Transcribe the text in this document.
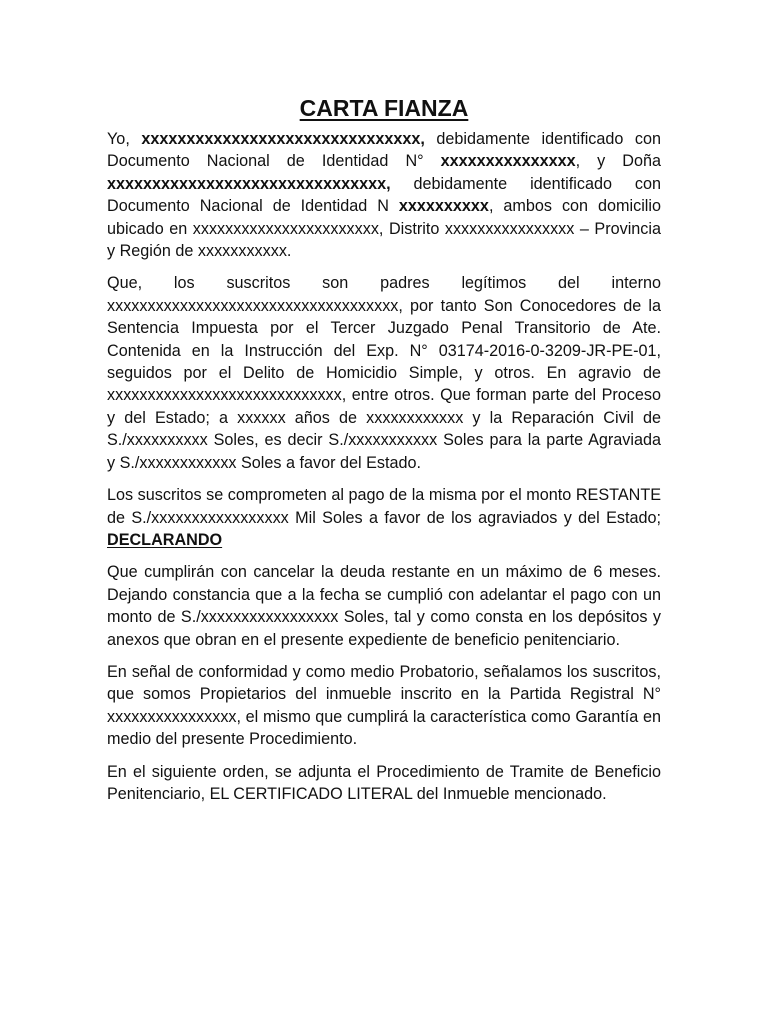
CARTA FIANZA

Yo, xxxxxxxxxxxxxxxxxxxxxxxxxxxxxxx, debidamente identificado con Documento Nacional de Identidad N° xxxxxxxxxxxxxxx, y Doña xxxxxxxxxxxxxxxxxxxxxxxxxxxxxxx, debidamente identificado con Documento Nacional de Identidad N xxxxxxxxxx, ambos con domicilio ubicado en xxxxxxxxxxxxxxxxxxxxxxx, Distrito xxxxxxxxxxxxxxxx – Provincia y Región de xxxxxxxxxxx.

Que, los suscritos son padres legítimos del interno xxxxxxxxxxxxxxxxxxxxxxxxxxxxxxxxxxxx, por tanto Son Conocedores de la Sentencia Impuesta por el Tercer Juzgado Penal Transitorio de Ate. Contenida en la Instrucción del Exp. N° 03174-2016-0-3209-JR-PE-01, seguidos por el Delito de Homicidio Simple, y otros. En agravio de xxxxxxxxxxxxxxxxxxxxxxxxxxxxx, entre otros. Que forman parte del Proceso y del Estado; a xxxxxx años de xxxxxxxxxxxx y la Reparación Civil de S./xxxxxxxxxx Soles, es decir S./xxxxxxxxxxx Soles para la parte Agraviada y S./xxxxxxxxxxxx Soles a favor del Estado.

Los suscritos se comprometen al pago de la misma por el monto RESTANTE de S./xxxxxxxxxxxxxxxxx Mil Soles a favor de los agraviados y del Estado; DECLARANDO

Que cumplirán con cancelar la deuda restante en un máximo de 6 meses. Dejando constancia que a la fecha se cumplió con adelantar el pago con un monto de S./xxxxxxxxxxxxxxxxx Soles, tal y como consta en los depósitos y anexos que obran en el presente expediente de beneficio penitenciario.

En señal de conformidad y como medio Probatorio, señalamos los suscritos, que somos Propietarios del inmueble inscrito en la Partida Registral N° xxxxxxxxxxxxxxxx, el mismo que cumplirá la característica como Garantía en medio del presente Procedimiento.

En el siguiente orden, se adjunta el Procedimiento de Tramite de Beneficio Penitenciario, EL CERTIFICADO LITERAL del Inmueble mencionado.
